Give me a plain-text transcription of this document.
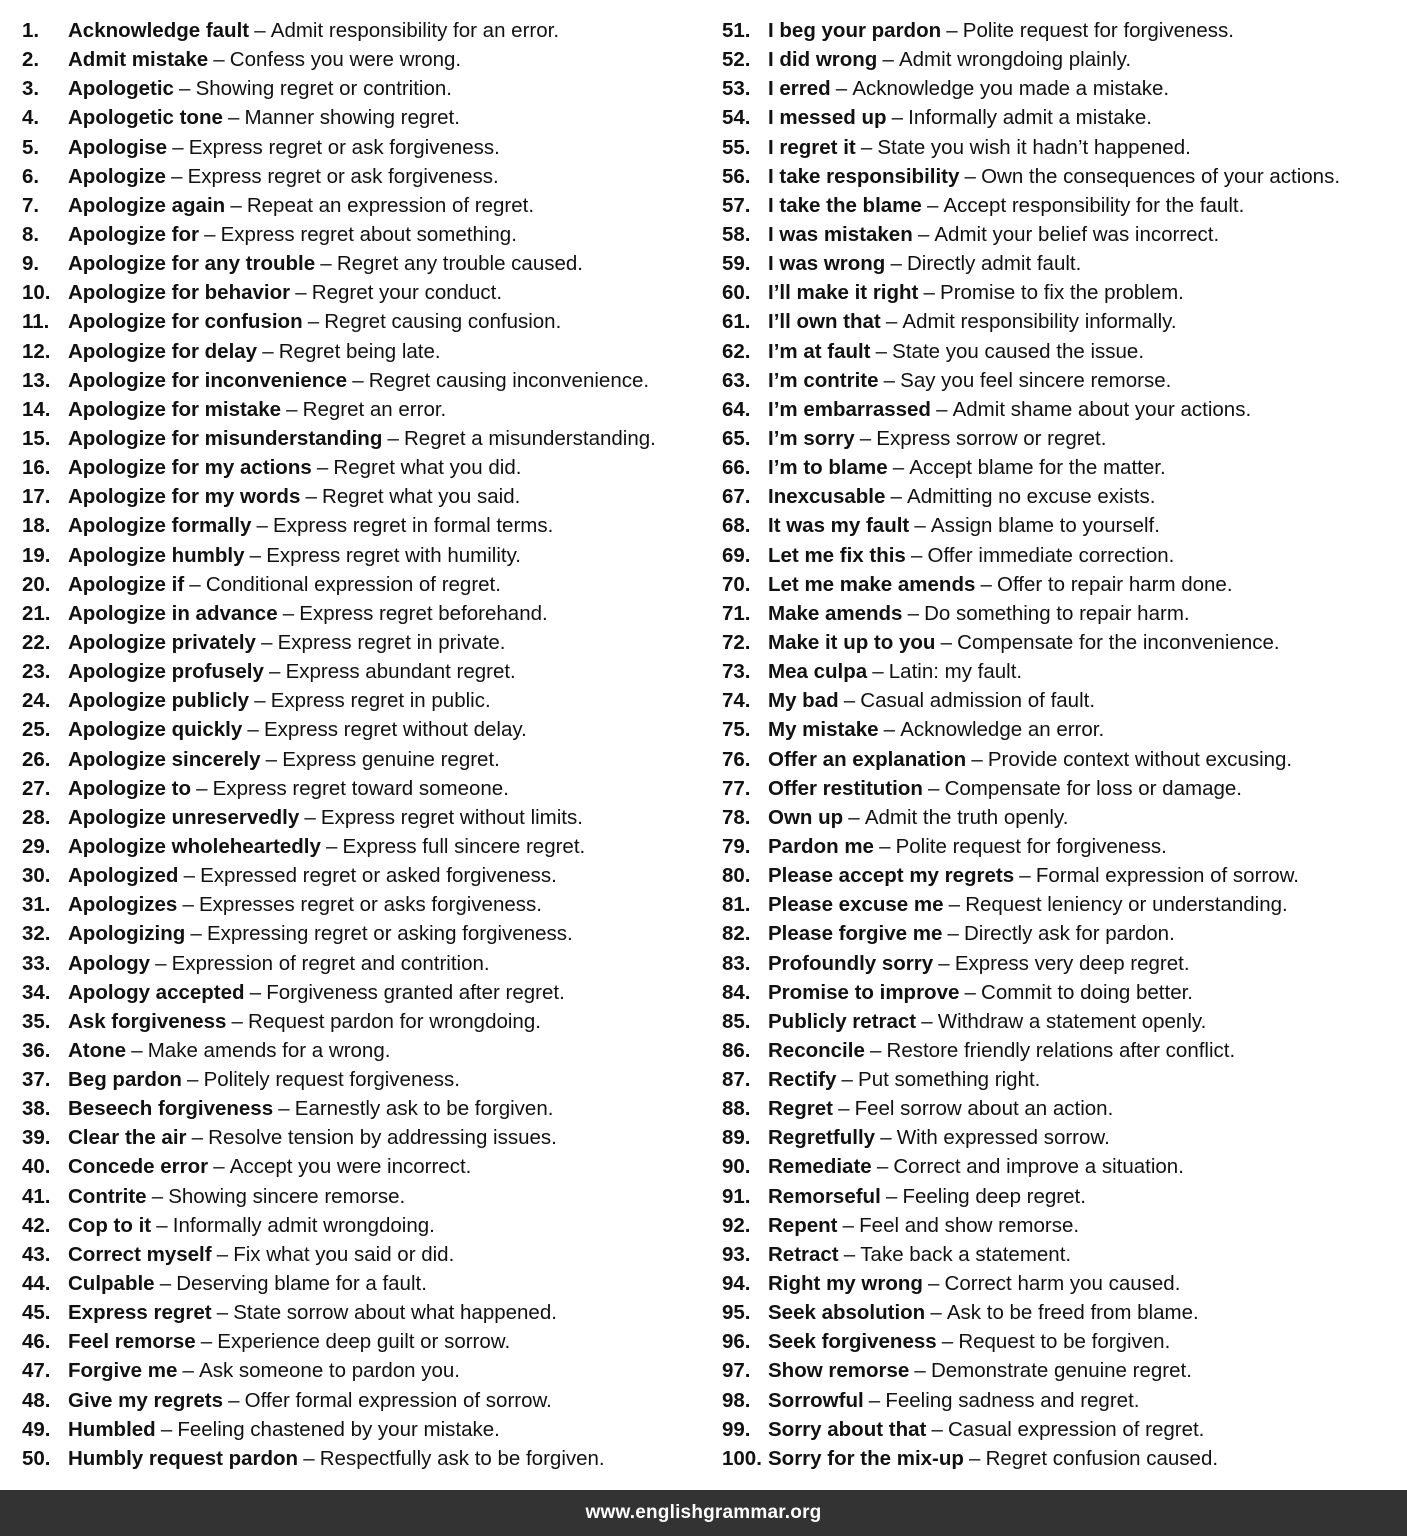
1.	Acknowledge fault – Admit responsibility for an error.
2.	Admit mistake – Confess you were wrong.
3.	Apologetic – Showing regret or contrition.
4.	Apologetic tone – Manner showing regret.
5.	Apologise – Express regret or ask forgiveness.
6.	Apologize – Express regret or ask forgiveness.
7.	Apologize again – Repeat an expression of regret.
8.	Apologize for – Express regret about something.
9.	Apologize for any trouble – Regret any trouble caused.
10. Apologize for behavior – Regret your conduct.
11. Apologize for confusion – Regret causing confusion.
12. Apologize for delay – Regret being late.
13. Apologize for inconvenience – Regret causing inconvenience.
14. Apologize for mistake – Regret an error.
15. Apologize for misunderstanding – Regret a misunderstanding.
16. Apologize for my actions – Regret what you did.
17. Apologize for my words – Regret what you said.
18. Apologize formally – Express regret in formal terms.
19. Apologize humbly – Express regret with humility.
20. Apologize if – Conditional expression of regret.
21. Apologize in advance – Express regret beforehand.
22. Apologize privately – Express regret in private.
23. Apologize profusely – Express abundant regret.
24. Apologize publicly – Express regret in public.
25. Apologize quickly – Express regret without delay.
26. Apologize sincerely – Express genuine regret.
27. Apologize to – Express regret toward someone.
28. Apologize unreservedly – Express regret without limits.
29. Apologize wholeheartedly – Express full sincere regret.
30. Apologized – Expressed regret or asked forgiveness.
31. Apologizes – Expresses regret or asks forgiveness.
32. Apologizing – Expressing regret or asking forgiveness.
33. Apology – Expression of regret and contrition.
34. Apology accepted – Forgiveness granted after regret.
35. Ask forgiveness – Request pardon for wrongdoing.
36. Atone – Make amends for a wrong.
37. Beg pardon – Politely request forgiveness.
38. Beseech forgiveness – Earnestly ask to be forgiven.
39. Clear the air – Resolve tension by addressing issues.
40. Concede error – Accept you were incorrect.
41. Contrite – Showing sincere remorse.
42. Cop to it – Informally admit wrongdoing.
43. Correct myself – Fix what you said or did.
44. Culpable – Deserving blame for a fault.
45. Express regret – State sorrow about what happened.
46. Feel remorse – Experience deep guilt or sorrow.
47. Forgive me – Ask someone to pardon you.
48. Give my regrets – Offer formal expression of sorrow.
49. Humbled – Feeling chastened by your mistake.
50. Humbly request pardon – Respectfully ask to be forgiven.
51. I beg your pardon – Polite request for forgiveness.
52. I did wrong – Admit wrongdoing plainly.
53. I erred – Acknowledge you made a mistake.
54. I messed up – Informally admit a mistake.
55. I regret it – State you wish it hadn’t happened.
56. I take responsibility – Own the consequences of your actions.
57. I take the blame – Accept responsibility for the fault.
58. I was mistaken – Admit your belief was incorrect.
59. I was wrong – Directly admit fault.
60. I’ll make it right – Promise to fix the problem.
61. I’ll own that – Admit responsibility informally.
62. I’m at fault – State you caused the issue.
63. I’m contrite – Say you feel sincere remorse.
64. I’m embarrassed – Admit shame about your actions.
65. I’m sorry – Express sorrow or regret.
66. I’m to blame – Accept blame for the matter.
67. Inexcusable – Admitting no excuse exists.
68. It was my fault – Assign blame to yourself.
69. Let me fix this – Offer immediate correction.
70. Let me make amends – Offer to repair harm done.
71. Make amends – Do something to repair harm.
72. Make it up to you – Compensate for the inconvenience.
73. Mea culpa – Latin: my fault.
74. My bad – Casual admission of fault.
75. My mistake – Acknowledge an error.
76. Offer an explanation – Provide context without excusing.
77. Offer restitution – Compensate for loss or damage.
78. Own up – Admit the truth openly.
79. Pardon me – Polite request for forgiveness.
80. Please accept my regrets – Formal expression of sorrow.
81. Please excuse me – Request leniency or understanding.
82. Please forgive me – Directly ask for pardon.
83. Profoundly sorry – Express very deep regret.
84. Promise to improve – Commit to doing better.
85. Publicly retract – Withdraw a statement openly.
86. Reconcile – Restore friendly relations after conflict.
87. Rectify – Put something right.
88. Regret – Feel sorrow about an action.
89. Regretfully – With expressed sorrow.
90. Remediate – Correct and improve a situation.
91. Remorseful – Feeling deep regret.
92. Repent – Feel and show remorse.
93. Retract – Take back a statement.
94. Right my wrong – Correct harm you caused.
95. Seek absolution – Ask to be freed from blame.
96. Seek forgiveness – Request to be forgiven.
97. Show remorse – Demonstrate genuine regret.
98. Sorrowful – Feeling sadness and regret.
99. Sorry about that – Casual expression of regret.
100. Sorry for the mix-up – Regret confusion caused.
www.englishgrammar.org
